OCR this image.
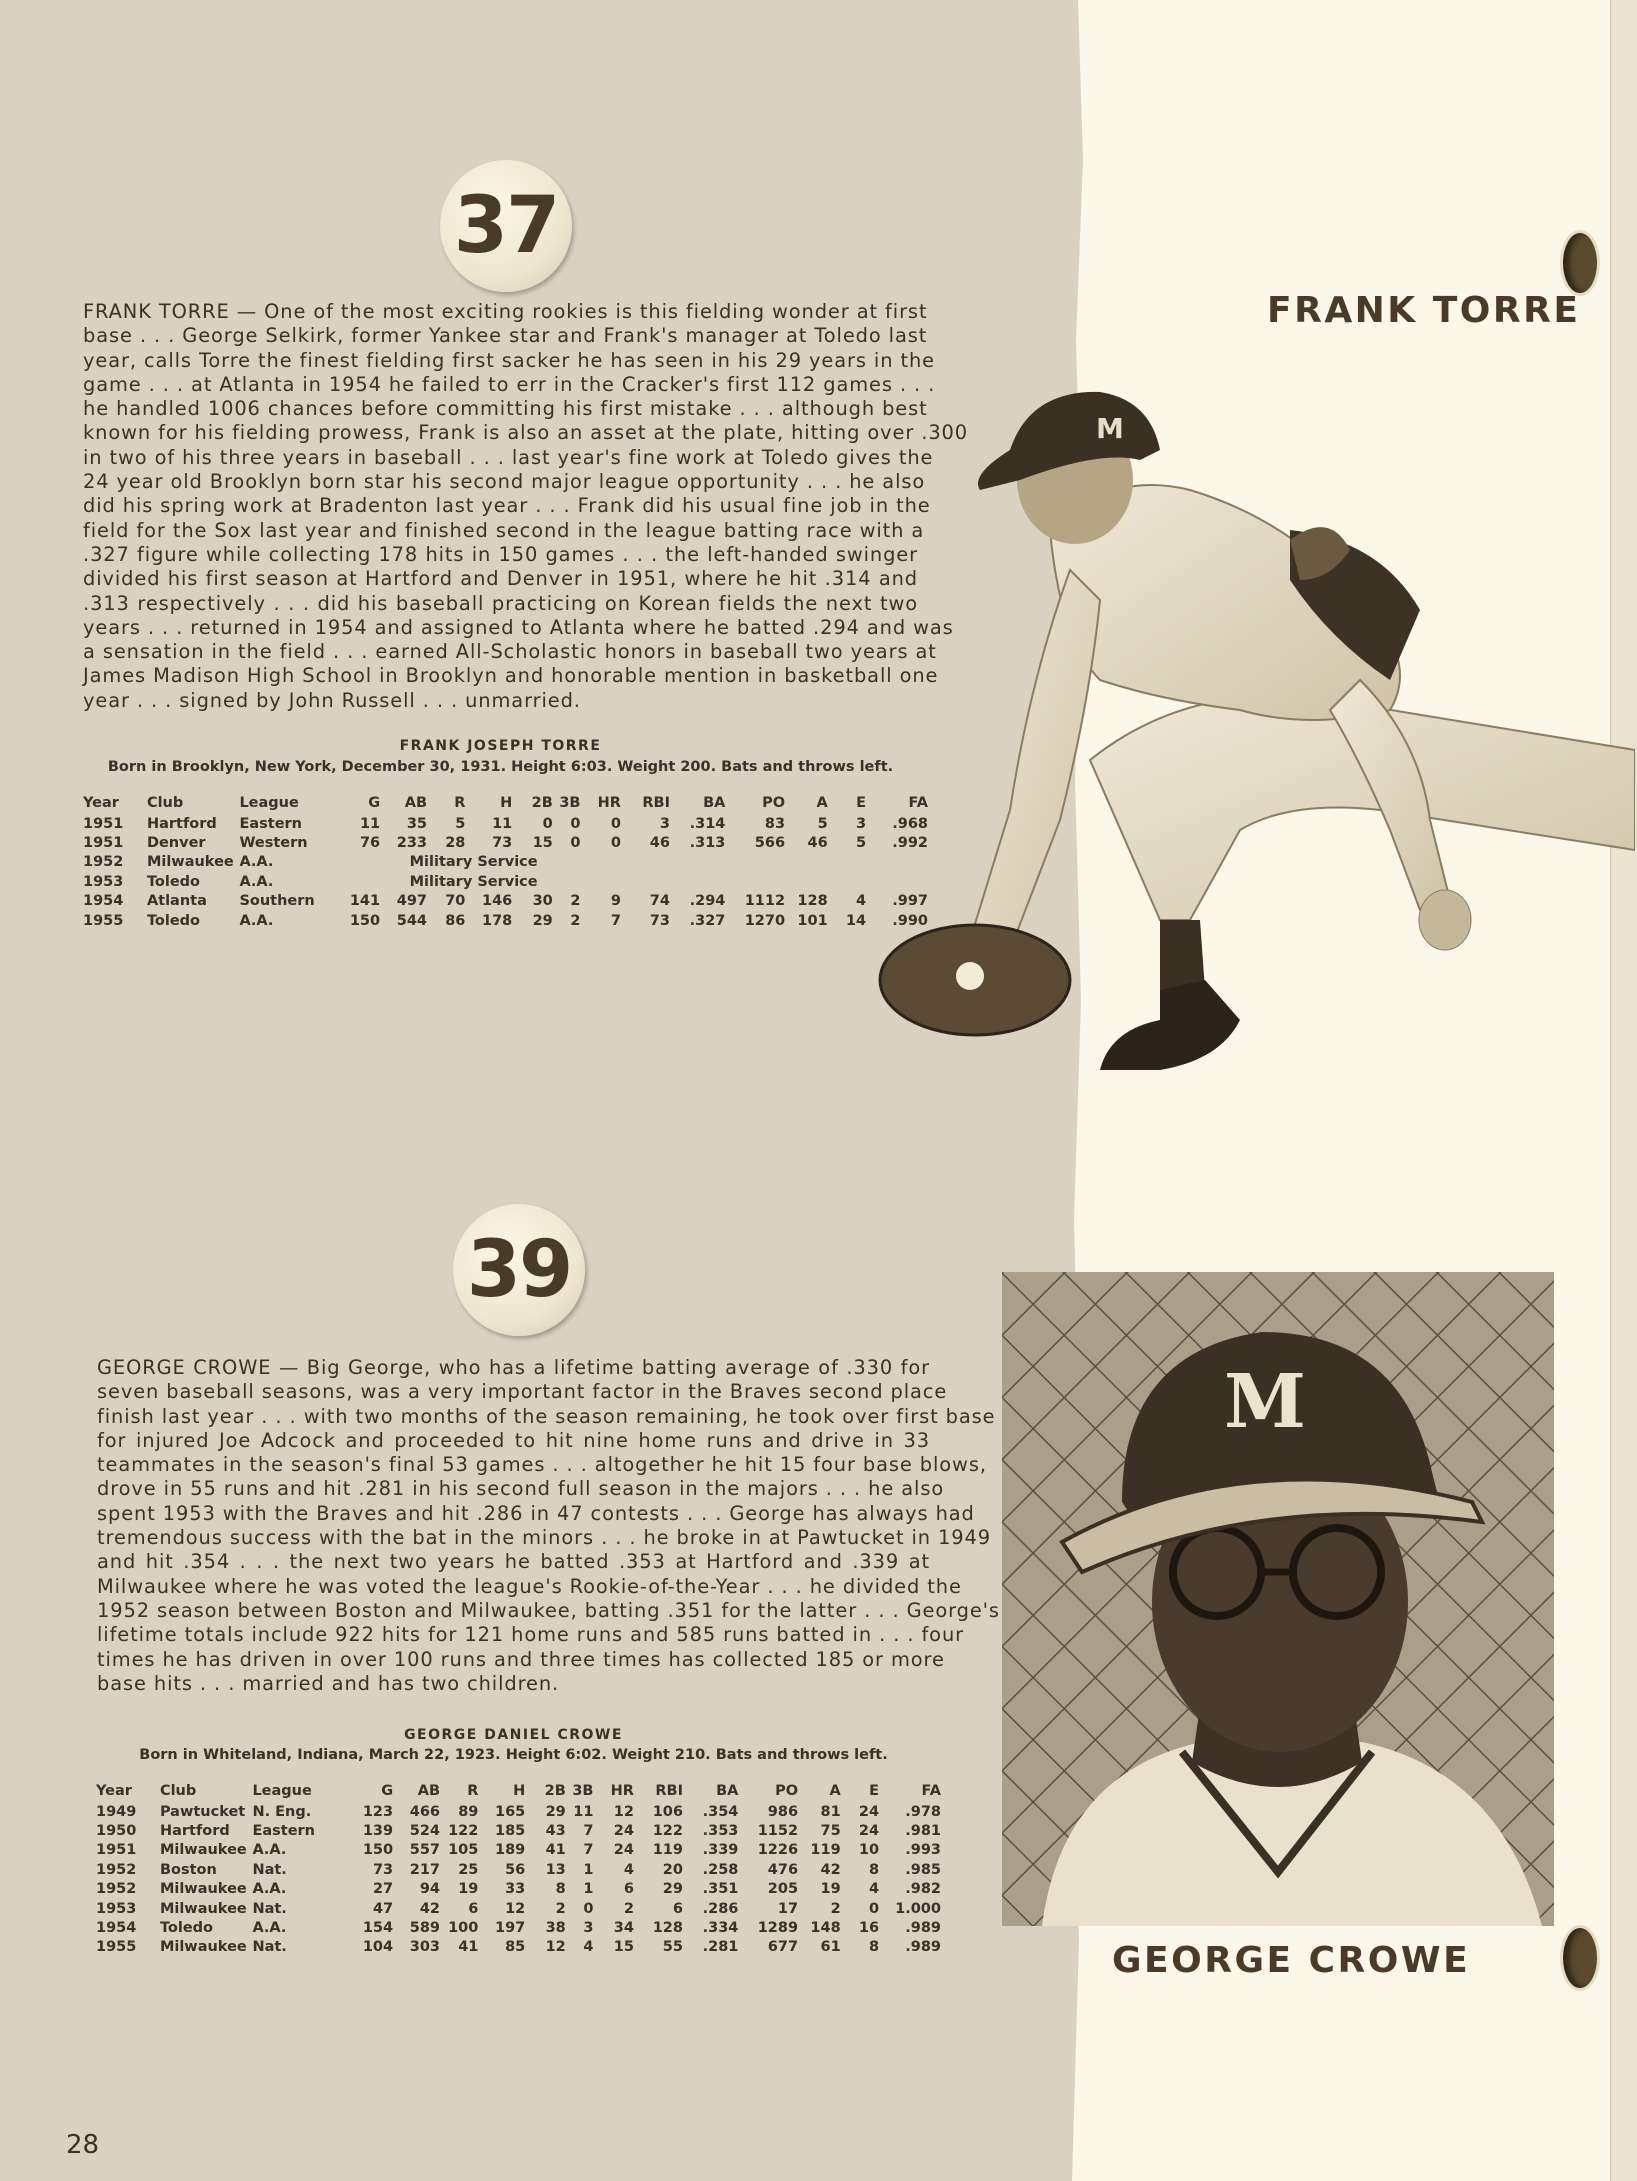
37
FRANK TORRE — One of the most exciting rookies is this fielding wonder at first
base . . . George Selkirk, former Yankee star and Frank's manager at Toledo last
year, calls Torre the finest fielding first sacker he has seen in his 29 years in the
game . . . at Atlanta in 1954 he failed to err in the Cracker's first 112 games . . .
he handled 1006 chances before committing his first mistake . . . although best
known for his fielding prowess, Frank is also an asset at the plate, hitting over .300
in two of his three years in baseball . . . last year's fine work at Toledo gives the
24 year old Brooklyn born star his second major league opportunity . . . he also
did his spring work at Bradenton last year . . . Frank did his usual fine job in the
field for the Sox last year and finished second in the league batting race with a
.327 figure while collecting 178 hits in 150 games . . . the left-handed swinger
divided his first season at Hartford and Denver in 1951, where he hit .314 and
.313 respectively . . . did his baseball practicing on Korean fields the next two
years . . . returned in 1954 and assigned to Atlanta where he batted .294 and was
a sensation in the field . . . earned All-Scholastic honors in baseball two years at
James Madison High School in Brooklyn and honorable mention in basketball one
year . . . signed by John Russell . . . unmarried.
FRANK JOSEPH TORRE
Born in Brooklyn, New York, December 30, 1931. Height 6:03. Weight 200. Bats and throws left.
Year	Club	League	G	AB	R	H	2B	3B	HR	RBI	BA	PO	A	E	FA
1951	Hartford	Eastern	11	35	5	11	0	0	0	3	.314	83	5	3	.968
1951	Denver	Western	76	233	28	73	15	0	0	46	.313	566	46	5	.992
1952	Milwaukee	A.A.	Military Service												
1953	Toledo	A.A.	Military Service												
1954	Atlanta	Southern	141	497	70	146	30	2	9	74	.294	1112	128	4	.997
1955	Toledo	A.A.	150	544	86	178	29	2	7	73	.327	1270	101	14	.990
FRANK TORRE
M
39
GEORGE CROWE — Big George, who has a lifetime batting average of .330 for
seven baseball seasons, was a very important factor in the Braves second place
finish last year . . . with two months of the season remaining, he took over first base
for injured Joe Adcock and proceeded to hit nine home runs and drive in 33
teammates in the season's final 53 games . . . altogether he hit 15 four base blows,
drove in 55 runs and hit .281 in his second full season in the majors . . . he also
spent 1953 with the Braves and hit .286 in 47 contests . . . George has always had
tremendous success with the bat in the minors . . . he broke in at Pawtucket in 1949
and hit .354 . . . the next two years he batted .353 at Hartford and .339 at
Milwaukee where he was voted the league's Rookie-of-the-Year . . . he divided the
1952 season between Boston and Milwaukee, batting .351 for the latter . . . George's
lifetime totals include 922 hits for 121 home runs and 585 runs batted in . . . four
times he has driven in over 100 runs and three times has collected 185 or more
base hits . . . married and has two children.
GEORGE DANIEL CROWE
Born in Whiteland, Indiana, March 22, 1923. Height 6:02. Weight 210. Bats and throws left.
Year	Club	League	G	AB	R	H	2B	3B	HR	RBI	BA	PO	A	E	FA
1949	Pawtucket	N. Eng.	123	466	89	165	29	11	12	106	.354	986	81	24	.978
1950	Hartford	Eastern	139	524	122	185	43	7	24	122	.353	1152	75	24	.981
1951	Milwaukee	A.A.	150	557	105	189	41	7	24	119	.339	1226	119	10	.993
1952	Boston	Nat.	73	217	25	56	13	1	4	20	.258	476	42	8	.985
1952	Milwaukee	A.A.	27	94	19	33	8	1	6	29	.351	205	19	4	.982
1953	Milwaukee	Nat.	47	42	6	12	2	0	2	6	.286	17	2	0	1.000
1954	Toledo	A.A.	154	589	100	197	38	3	34	128	.334	1289	148	16	.989
1955	Milwaukee	Nat.	104	303	41	85	12	4	15	55	.281	677	61	8	.989
M
GEORGE CROWE
28
